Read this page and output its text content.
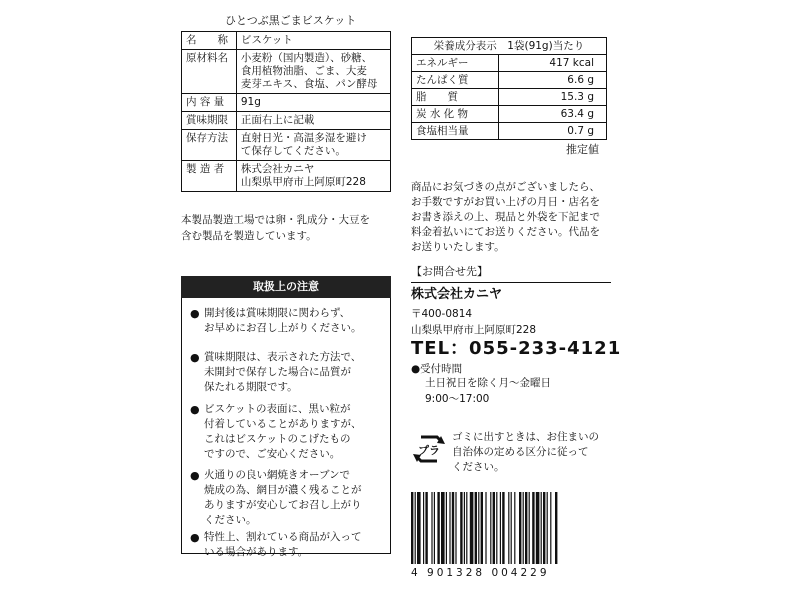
ひとつぶ黒ごまビスケット
名　　称	ビスケット

原材料名	小麦粉（国内製造）、砂糖、
食用植物油脂、ごま、大麦
麦芽エキス、食塩、パン酵母

内 容 量	91g

賞味期限	正面右上に記載

保存方法	直射日光・高温多湿を避け
て保存してください。

製 造 者	株式会社カニヤ
山梨県甲府市上阿原町228
本製品製造工場では卵・乳成分・大豆を
含む製品を製造しています。
取扱上の注意
● 開封後は賞味期限に関わらず、
お早めにお召し上がりください。
● 賞味期限は、表示された方法で、
未開封で保存した場合に品質が
保たれる期限です。
● ビスケットの表面に、黒い粒が
付着していることがありますが、
これはビスケットのこげたもの
ですので、ご安心ください。
● 火通りの良い網焼きオーブンで
焼成の為、網目が濃く残ることが
ありますが安心してお召し上がり
ください。
● 特性上、割れている商品が入って
いる場合があります。
栄養成分表示　1袋(91g)当たり	
エネルギー	417 kcal
たんぱく質	6.6 g
脂　　質	15.3 g
炭 水 化 物	63.4 g
食塩相当量	0.7 g
推定値
商品にお気づきの点がございましたら、
お手数ですがお買い上げの月日・店名を
お書き添えの上、現品と外袋を下記まで
料金着払いにてお送りください。代品を
お送りいたします。
【お問合せ先】
株式会社カニヤ
〒400-0814
山梨県甲府市上阿原町228
TEL：055-233-4121
●受付時間
土日祝日を除く月～金曜日
9:00～17:00
プラ
ゴミに出すときは、お住まいの
自治体の定める区分に従って
ください。
4 901328 004229
